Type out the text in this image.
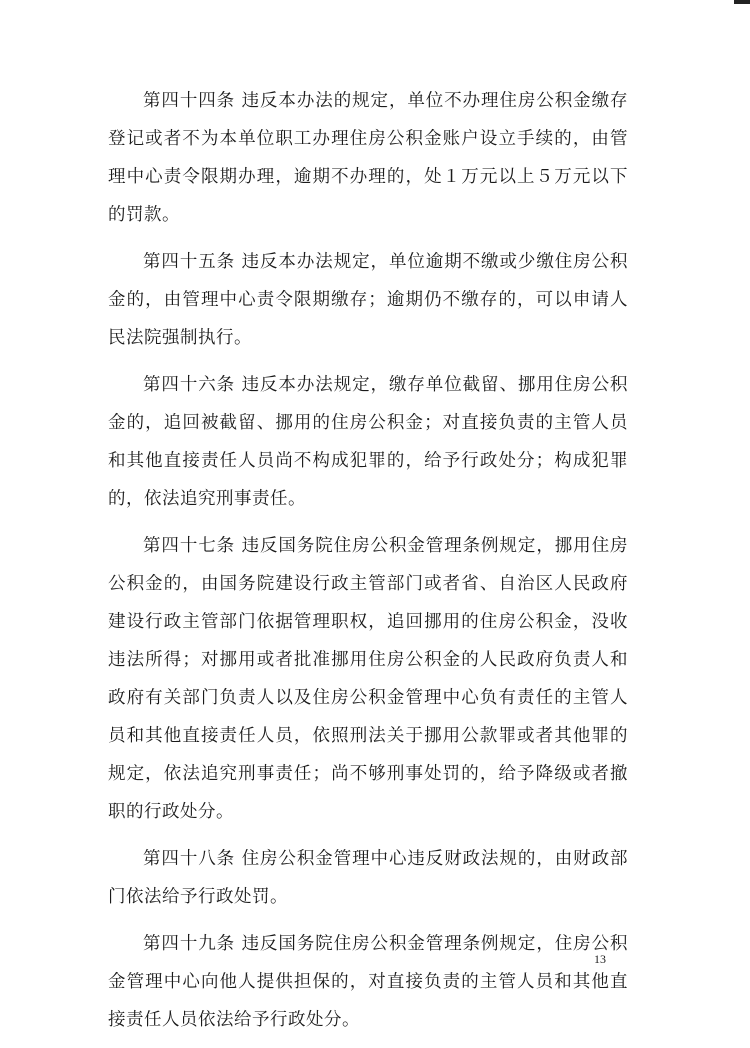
第四十四条 违反本办法的规定，单位不办理住房公积金缴存登记或者不为本单位职工办理住房公积金账户设立手续的，由管理中心责令限期办理，逾期不办理的，处１万元以上５万元以下的罚款。

第四十五条 违反本办法规定，单位逾期不缴或少缴住房公积金的，由管理中心责令限期缴存；逾期仍不缴存的，可以申请人民法院强制执行。

第四十六条 违反本办法规定，缴存单位截留、挪用住房公积金的，追回被截留、挪用的住房公积金；对直接负责的主管人员和其他直接责任人员尚不构成犯罪的，给予行政处分；构成犯罪的，依法追究刑事责任。

第四十七条 违反国务院住房公积金管理条例规定，挪用住房公积金的，由国务院建设行政主管部门或者省、自治区人民政府建设行政主管部门依据管理职权，追回挪用的住房公积金，没收违法所得；对挪用或者批准挪用住房公积金的人民政府负责人和政府有关部门负责人以及住房公积金管理中心负有责任的主管人员和其他直接责任人员，依照刑法关于挪用公款罪或者其他罪的规定，依法追究刑事责任；尚不够刑事处罚的，给予降级或者撤职的行政处分。

第四十八条 住房公积金管理中心违反财政法规的，由财政部门依法给予行政处罚。

第四十九条 违反国务院住房公积金管理条例规定，住房公积金管理中心向他人提供担保的，对直接负责的主管人员和其他直接责任人员依法给予行政处分。

13
